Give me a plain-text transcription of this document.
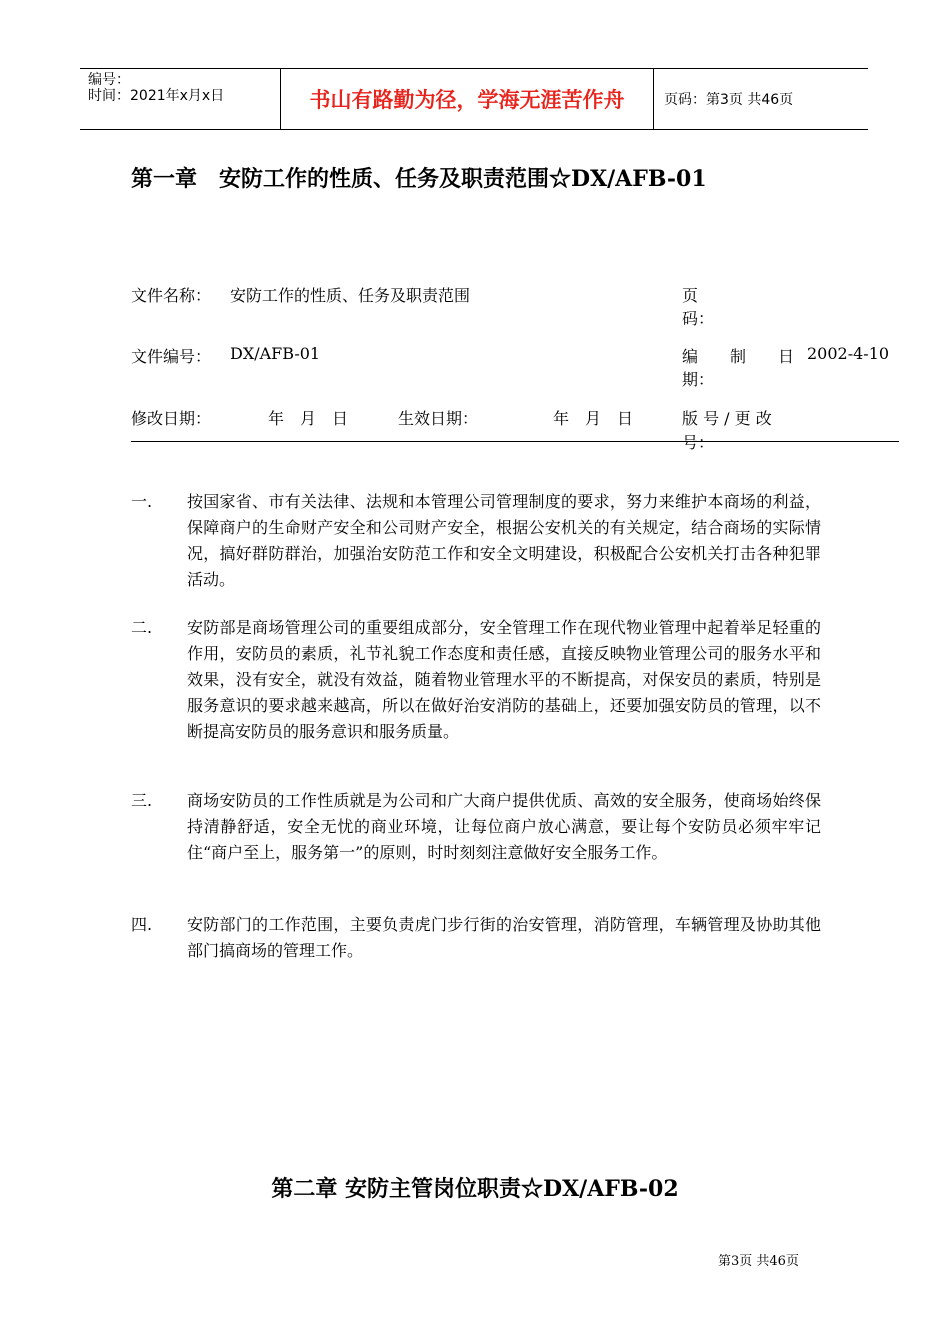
编号：
时间：2021年x月x日	书山有路勤为径，学海无涯苦作舟	页码：第3页 共46页
第一章　安防工作的性质、任务及职责范围☆DX/AFB-01
文件名称： 安防工作的性质、任务及职责范围	页
码：
文件编号： DX/AFB-01	编　　制　　日 2002-4-10
期：
修改日期：	年　月　日	生效日期：	年　月　日	版 号 / 更 改
号：
一. 按国家省、市有关法律、法规和本管理公司管理制度的要求，努力来维护本商场的利益，保障商户的生命财产安全和公司财产安全，根据公安机关的有关规定，结合商场的实际情况，搞好群防群治，加强治安防范工作和安全文明建设，积极配合公安机关打击各种犯罪活动。
二. 安防部是商场管理公司的重要组成部分，安全管理工作在现代物业管理中起着举足轻重的作用，安防员的素质，礼节礼貌工作态度和责任感，直接反映物业管理公司的服务水平和效果，没有安全，就没有效益，随着物业管理水平的不断提高，对保安员的素质，特别是服务意识的要求越来越高，所以在做好治安消防的基础上，还要加强安防员的管理，以不断提高安防员的服务意识和服务质量。
三. 商场安防员的工作性质就是为公司和广大商户提供优质、高效的安全服务，使商场始终保持清静舒适，安全无忧的商业环境，让每位商户放心满意，要让每个安防员必须牢牢记住“商户至上，服务第一”的原则，时时刻刻注意做好安全服务工作。
四. 安防部门的工作范围，主要负责虎门步行街的治安管理，消防管理，车辆管理及协助其他部门搞商场的管理工作。
第二章 安防主管岗位职责☆DX/AFB-02
第3页 共46页
